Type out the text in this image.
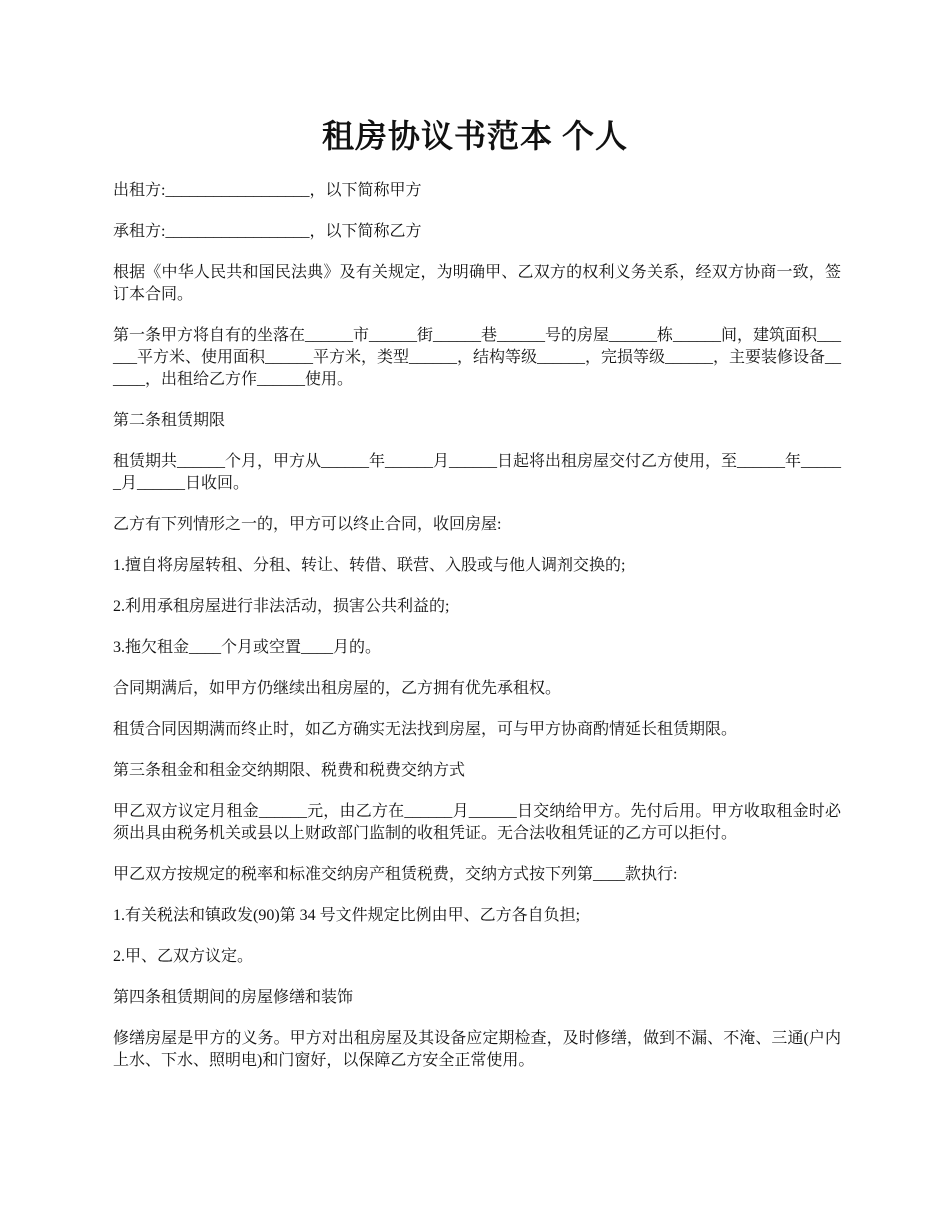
租房协议书范本 个人

出租方:__________________，以下简称甲方

承租方:__________________，以下简称乙方

根据《中华人民共和国民法典》及有关规定，为明确甲、乙双方的权利义务关系，经双方协商一致，签订本合同。

第一条甲方将自有的坐落在______市______街______巷______号的房屋______栋______间，建筑面积______平方米、使用面积______平方米，类型______，结构等级______，完损等级______，主要装修设备______，出租给乙方作______使用。

第二条租赁期限

租赁期共______个月，甲方从______年______月______日起将出租房屋交付乙方使用，至______年______月______日收回。

乙方有下列情形之一的，甲方可以终止合同，收回房屋:

1.擅自将房屋转租、分租、转让、转借、联营、入股或与他人调剂交换的;

2.利用承租房屋进行非法活动，损害公共利益的;

3.拖欠租金____个月或空置____月的。

合同期满后，如甲方仍继续出租房屋的，乙方拥有优先承租权。

租赁合同因期满而终止时，如乙方确实无法找到房屋，可与甲方协商酌情延长租赁期限。

第三条租金和租金交纳期限、税费和税费交纳方式

甲乙双方议定月租金______元，由乙方在______月______日交纳给甲方。先付后用。甲方收取租金时必须出具由税务机关或县以上财政部门监制的收租凭证。无合法收租凭证的乙方可以拒付。

甲乙双方按规定的税率和标准交纳房产租赁税费，交纳方式按下列第____款执行:

1.有关税法和镇政发(90)第 34 号文件规定比例由甲、乙方各自负担;

2.甲、乙双方议定。

第四条租赁期间的房屋修缮和装饰

修缮房屋是甲方的义务。甲方对出租房屋及其设备应定期检查，及时修缮，做到不漏、不淹、三通(户内上水、下水、照明电)和门窗好，以保障乙方安全正常使用。
